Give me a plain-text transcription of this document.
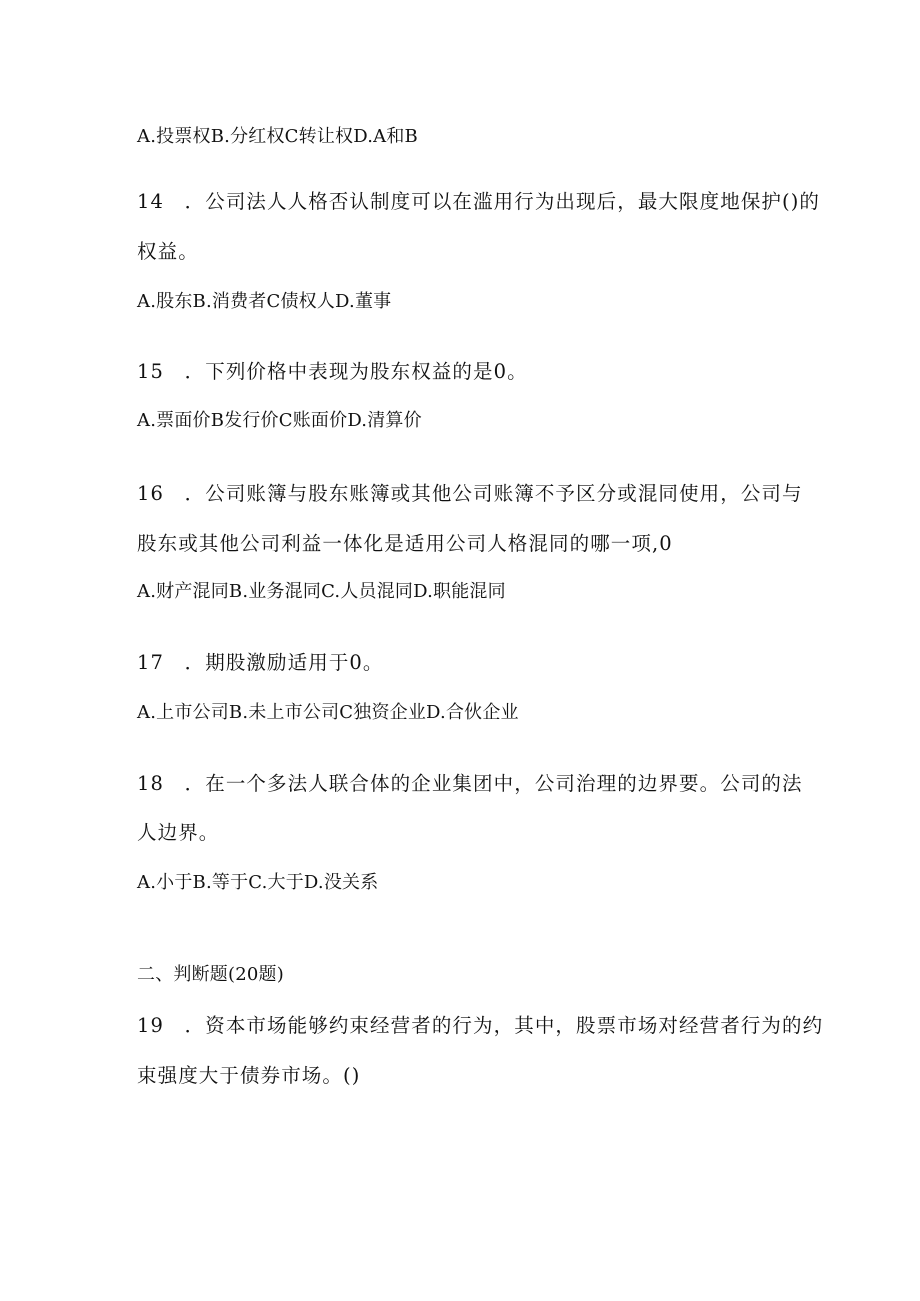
A.投票权B.分红权C转让权D.A和B
14 ．公司法人人格否认制度可以在滥用行为出现后，最大限度地保护()的
权益。
A.股东B.消费者C债权人D.董事
15 ．下列价格中表现为股东权益的是0。
A.票面价B发行价C账面价D.清算价
16 ．公司账簿与股东账簿或其他公司账簿不予区分或混同使用，公司与
股东或其他公司利益一体化是适用公司人格混同的哪一项,0
A.财产混同B.业务混同C.人员混同D.职能混同
17 ．期股激励适用于0。
A.上市公司B.未上市公司C独资企业D.合伙企业
18 ．在一个多法人联合体的企业集团中，公司治理的边界要。公司的法
人边界。
A.小于B.等于C.大于D.没关系
二、判断题(20题)
19 ．资本市场能够约束经营者的行为，其中，股票市场对经营者行为的约
束强度大于债券市场。()
